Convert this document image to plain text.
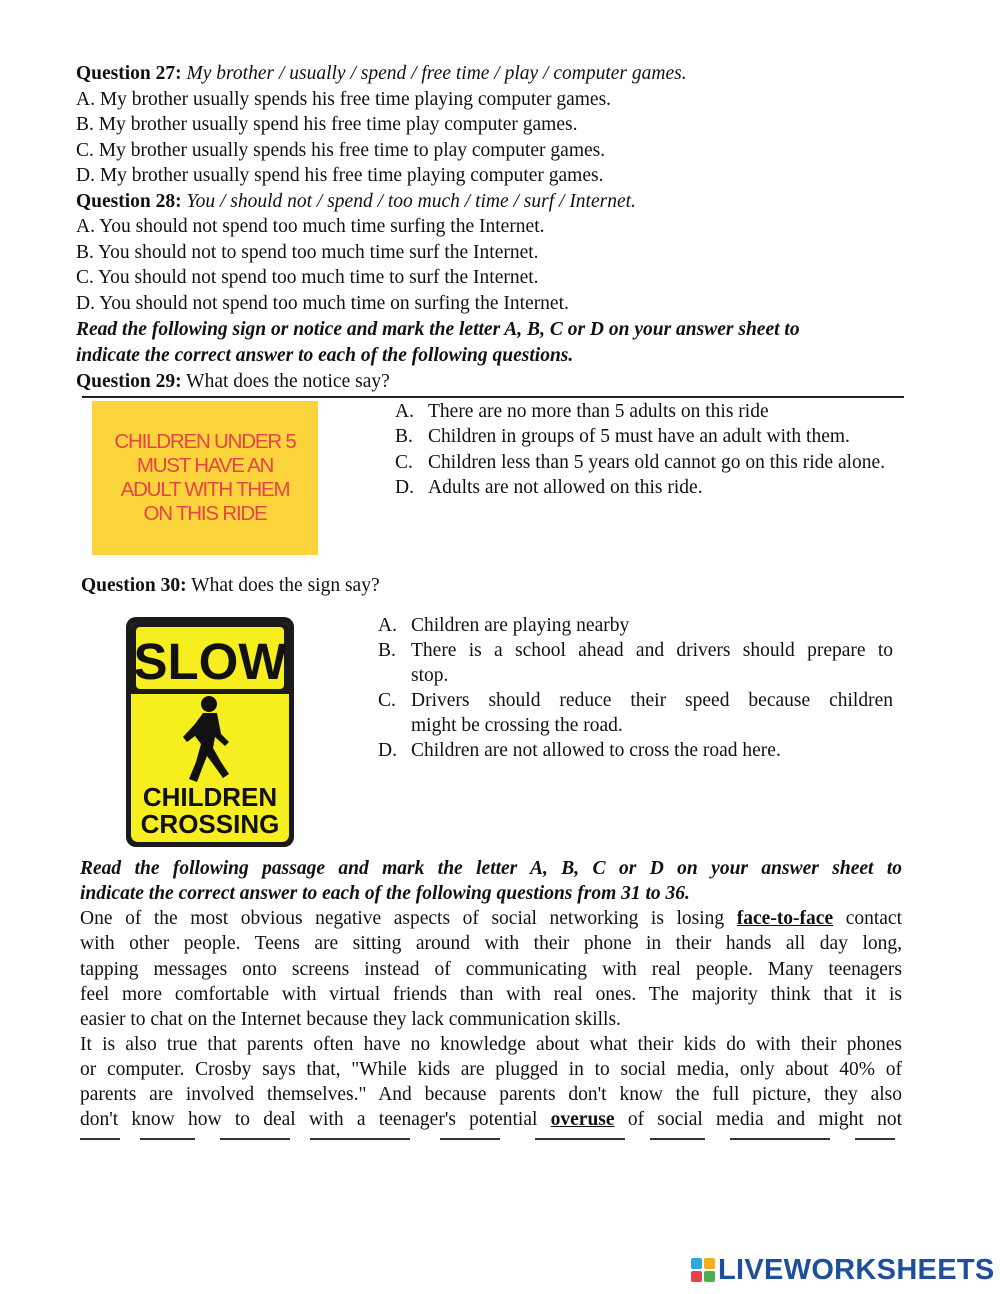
Question 27: My brother / usually / spend / free time / play / computer games.
A. My brother usually spends his free time playing computer games.
B. My brother usually spend his free time play computer games.
C. My brother usually spends his free time to play computer games.
D. My brother usually spend his free time playing computer games.
Question 28: You / should not / spend / too much / time / surf / Internet.
A. You should not spend too much time surfing the Internet.
B. You should not to spend too much time surf the Internet.
C. You should not spend too much time to surf the Internet.
D. You should not spend too much time on surfing the Internet.
Read the following sign or notice and mark the letter A, B, C or D on your answer sheet to
indicate the correct answer to each of the following questions.
Question 29: What does the notice say?
CHILDREN UNDER 5
MUST HAVE AN
ADULT WITH THEM
ON THIS RIDE
A. There are no more than 5 adults on this ride
B. Children in groups of 5 must have an adult with them.
C. Children less than 5 years old cannot go on this ride alone.
D. Adults are not allowed on this ride.
Question 30: What does the sign say?
SLOW
CHILDREN
CROSSING
A. Children are playing nearby
B. There is a school ahead and drivers should prepare to
stop.
C. Drivers should reduce their speed because children
might be crossing the road.
D. Children are not allowed to cross the road here.
Read the following passage and mark the letter A, B, C or D on your answer sheet to
indicate the correct answer to each of the following questions from 31 to 36.
One of the most obvious negative aspects of social networking is losing face-to-face contact
with other people. Teens are sitting around with their phone in their hands all day long,
tapping messages onto screens instead of communicating with real people. Many teenagers
feel more comfortable with virtual friends than with real ones. The majority think that it is
easier to chat on the Internet because they lack communication skills.
It is also true that parents often have no knowledge about what their kids do with their phones
or computer. Crosby says that, "While kids are plugged in to social media, only about 40% of
parents are involved themselves." And because parents don't know the full picture, they also
don't know how to deal with a teenager's potential overuse of social media and might not
LIVEWORKSHEETS
